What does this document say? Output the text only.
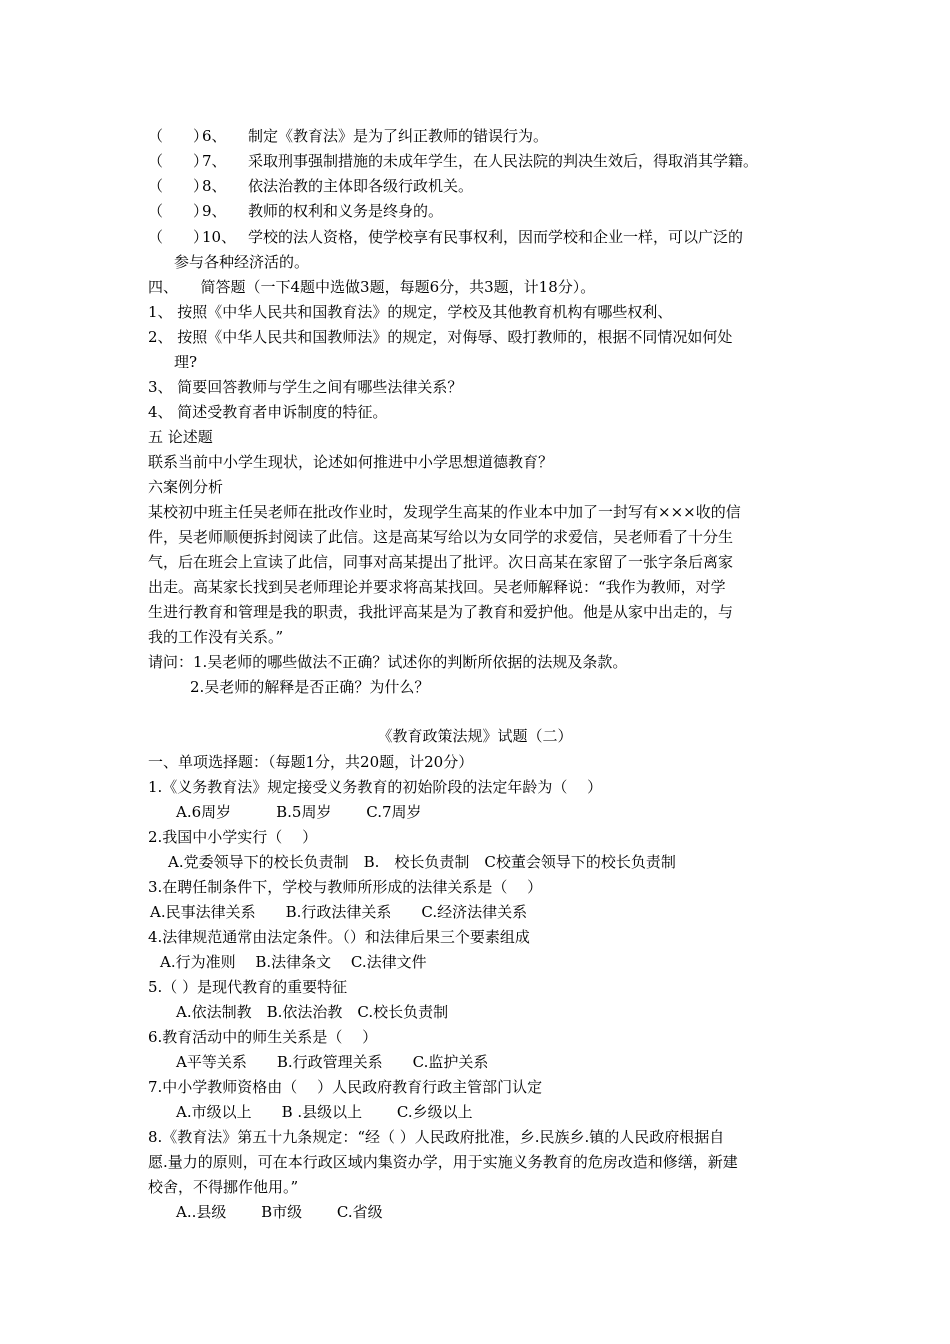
（　　）
6、 制定《教育法》是为了纠正教师的错误行为。
（　　）
7、 采取刑事强制措施的未成年学生，在人民法院的判决生效后，得取消其学籍。
（　　）
8、 依法治教的主体即各级行政机关。
（　　）
9、 教师的权利和义务是终身的。
（　　）
10、 学校的法人资格，使学校享有民事权利，因而学校和企业一样，可以广泛的
参与各种经济活的。
四、　　简答题（一下4题中选做3题，每题6分，共3题，计18分）。
1、 按照《中华人民共和国教育法》的规定，学校及其他教育机构有哪些权利、
2、 按照《中华人民共和国教师法》的规定，对侮辱、殴打教师的，根据不同情况如何处
理?
3、 简要回答教师与学生之间有哪些法律关系？
4、 简述受教育者申诉制度的特征。
五 论述题
联系当前中小学生现状，论述如何推进中小学思想道德教育？
六案例分析
某校初中班主任吴老师在批改作业时，发现学生高某的作业本中加了一封写有×××收的信
件，吴老师顺便拆封阅读了此信。这是高某写给以为女同学的求爱信，吴老师看了十分生
气，后在班会上宣读了此信，同事对高某提出了批评。次日高某在家留了一张字条后离家
出走。高某家长找到吴老师理论并要求将高某找回。吴老师解释说：“我作为教师，对学
生进行教育和管理是我的职责，我批评高某是为了教育和爱护他。他是从家中出走的，与
我的工作没有关系。”
请问：1.吴老师的哪些做法不正确？试述你的判断所依据的法规及条款。
2.吴老师的解释是否正确？为什么？
《教育政策法规》试题（二）
一、单项选择题：（每题1分，共20题，计20分）
1.《义务教育法》规定接受义务教育的初始阶段的法定年龄为（　 ）
A.6周岁　　　B.5周岁　　 C.7周岁
2.我国中小学实行（　 ）
A.党委领导下的校长负责制　B.　校长负责制　C校董会领导下的校长负责制
3.在聘任制条件下，学校与教师所形成的法律关系是（　 ）
A.民事法律关系　　B.行政法律关系　　C.经济法律关系
4.法律规范通常由法定条件。（）和法律后果三个要素组成
A.行为准则　 B.法律条文　 C.法律文件
5.（ ）是现代教育的重要特征
A.依法制教　B.依法治教　C.校长负责制
6.教育活动中的师生关系是（　 ）
A平等关系　　B.行政管理关系　　C.监护关系
7.中小学教师资格由（　 ）人民政府教育行政主管部门认定
A.市级以上　　B .县级以上　　 C.乡级以上
8.《教育法》第五十九条规定：“经（ ）人民政府批准，乡.民族乡.镇的人民政府根据自
愿.量力的原则，可在本行政区域内集资办学，用于实施义务教育的危房改造和修缮，新建
校舍，不得挪作他用。”
A..县级　　 B市级　　 C.省级
